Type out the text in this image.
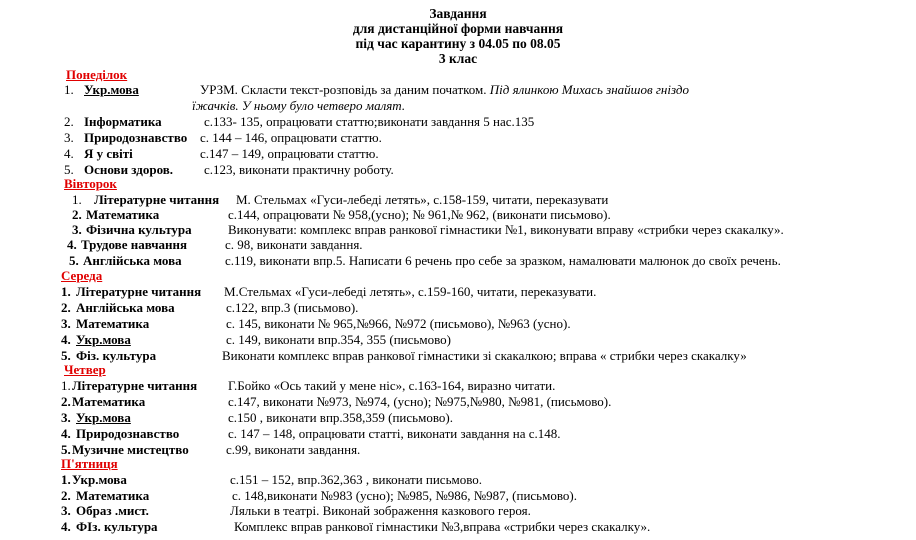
Завдання
для дистанційної форми навчання
під час карантину з 04.05 по 08.05
3 клас
Понеділок
1. Укр.мова	УРЗМ. Скласти текст-розповідь за даним початком. Під ялинкою Михась знайшов гніздо
їжачків. У ньому було четверо малят.
2. Інформатика	с.133- 135, опрацювати статтю;виконати завдання 5 нас.135
3. Природознавство с. 144 – 146, опрацювати статтю.
4. Я у світі	с.147 – 149, опрацювати статтю.
5. Основи здоров. с.123, виконати практичну роботу.
Вівторок
1. Літературне читання М. Стельмах «Гуси-лебеді летять», с.158-159, читати, переказувати
2. Математика	с.144, опрацювати № 958,(усно); № 961,№ 962, (виконати письмово).
3. Фізична культура	Виконувати: комплекс вправ ранкової гімнастики №1, виконувати вправу «стрибки через скакалку».
4. Трудове навчання	с. 98, виконати завдання.
5. Англійська мова	с.119, виконати впр.5. Написати 6 речень про себе за зразком, намалювати малюнок до своїх речень.
Середа
1. Літературне читання М.Стельмах «Гуси-лебеді летять», с.159-160, читати, переказувати.
2. Англійська мова	с.122, впр.3 (письмово).
3. Математика	с. 145, виконати № 965,№966, №972 (письмово), №963 (усно).
4. Укр.мова	с. 149, виконати впр.354, 355 (письмово)
5. Фіз. культура	Виконати комплекс вправ ранкової гімнастики зі скакалкою; вправа « стрибки через скакалку»
Четвер
1. Літературне читання Г.Бойко «Ось такий у мене ніс», с.163-164, виразно читати.
2. Математика	с.147, виконати №973, №974, (усно); №975,№980, №981, (письмово).
3. Укр.мова	с.150 , виконати впр.358,359 (письмово).
4. Природознавство	с. 147 – 148, опрацювати статті, виконати завдання на с.148.
5. Музичне мистецтво	с.99, виконати завдання.
П'ятниця
1. Укр.мова	с.151 – 152, впр.362,363 , виконати письмово.
2. Математика	с. 148,виконати №983 (усно); №985, №986, №987, (письмово).
3. Образ .мист.	Ляльки в театрі. Виконай зображення казкового героя.
4. ФІз. культура	Комплекс вправ ранкової гімнастики №3,вправа «стрибки через скакалку».
